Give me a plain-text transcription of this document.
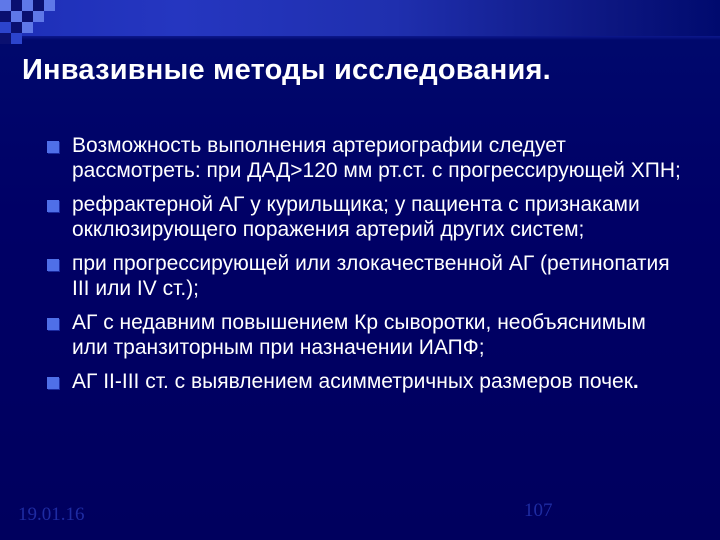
Инвазивные методы исследования.
Возможность выполнения артериографии следует рассмотреть: при ДАД>120 мм рт.ст. с прогрессирующей ХПН;
рефрактерной АГ у курильщика; у пациента с признаками окклюзирующего поражения артерий других систем;
при прогрессирующей или злокачественной АГ (ретинопатия III или IV ст.);
АГ с недавним повышением Кр сыворотки, необъяснимым или транзиторным при назначении ИАПФ;
АГ II-III ст. с выявлением асимметричных размеров почек.
19.01.16	107
